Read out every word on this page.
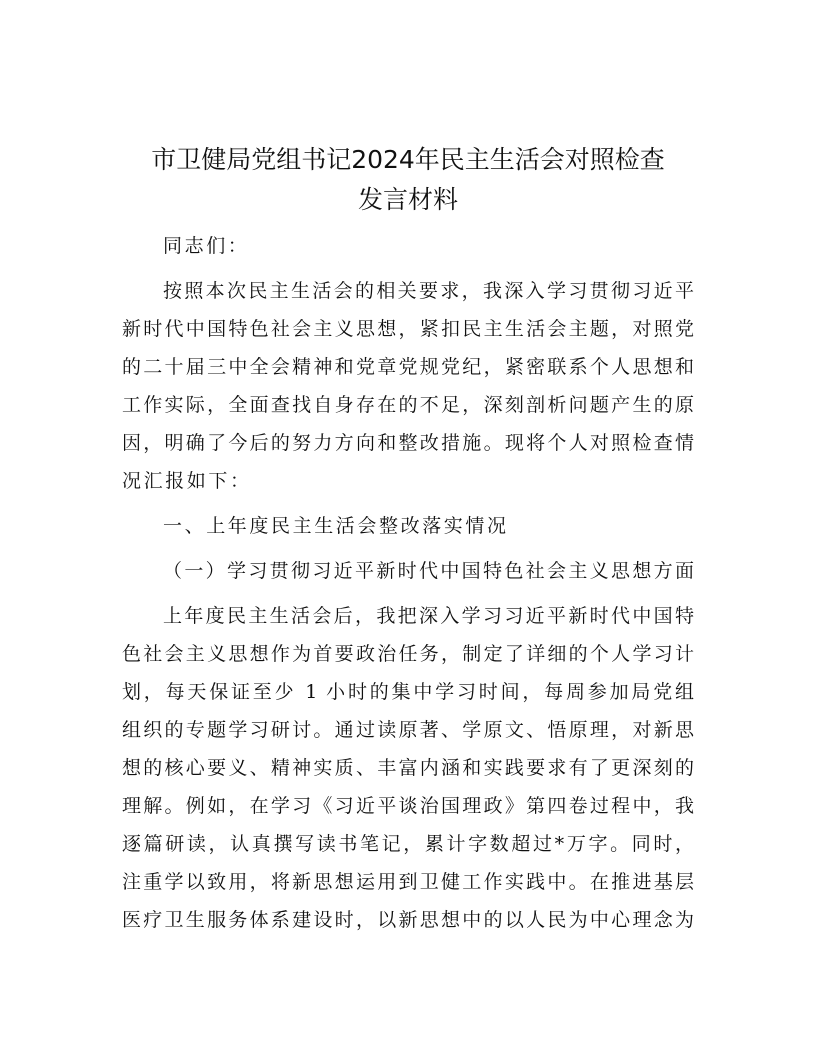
市卫健局党组书记2024年民主生活会对照检查
发言材料
同志们：
按照本次民主生活会的相关要求，我深入学习贯彻习近平
新时代中国特色社会主义思想，紧扣民主生活会主题，对照党
的二十届三中全会精神和党章党规党纪，紧密联系个人思想和
工作实际，全面查找自身存在的不足，深刻剖析问题产生的原
因，明确了今后的努力方向和整改措施。现将个人对照检查情
况汇报如下：
一、上年度民主生活会整改落实情况
（一）学习贯彻习近平新时代中国特色社会主义思想方面
上年度民主生活会后，我把深入学习习近平新时代中国特
色社会主义思想作为首要政治任务，制定了详细的个人学习计
划，每天保证至少 1 小时的集中学习时间，每周参加局党组
组织的专题学习研讨。通过读原著、学原文、悟原理，对新思
想的核心要义、精神实质、丰富内涵和实践要求有了更深刻的
理解。例如，在学习《习近平谈治国理政》第四卷过程中，我
逐篇研读，认真撰写读书笔记，累计字数超过*万字。同时，
注重学以致用，将新思想运用到卫健工作实践中。在推进基层
医疗卫生服务体系建设时，以新思想中的以人民为中心理念为
